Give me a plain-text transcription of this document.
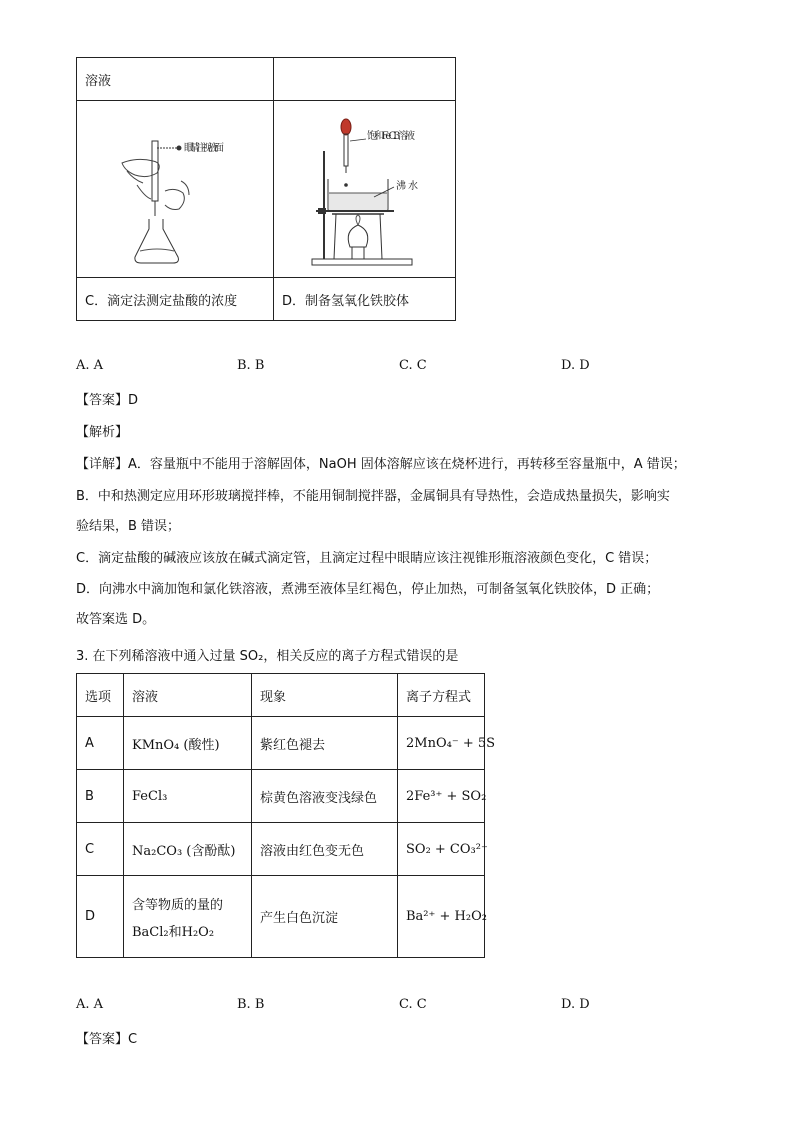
溶液	

眼睛注视液面	饱和FeCl3溶液
沸水

C．滴定法测定盐酸的浓度	D．制备氢氧化铁胶体
A. A	B. B	C. C	D. D
【答案】D
【解析】
【详解】A．容量瓶中不能用于溶解固体，NaOH 固体溶解应该在烧杯进行，再转移至容量瓶中，A 错误；
B．中和热测定应用环形玻璃搅拌棒，不能用铜制搅拌器，金属铜具有导热性，会造成热量损失，影响实
验结果，B 错误；
C．滴定盐酸的碱液应该放在碱式滴定管，且滴定过程中眼睛应该注视锥形瓶溶液颜色变化，C 错误；
D．向沸水中滴加饱和氯化铁溶液，煮沸至液体呈红褐色，停止加热，可制备氢氧化铁胶体，D 正确；
故答案选 D。
3. 在下列稀溶液中通入过量 SO₂，相关反应的离子方程式错误的是
选项	溶液	现象	离子方程式
A	KMnO₄ (酸性)	紫红色褪去	2MnO₄⁻ + 5S
B	FeCl₃	棕黄色溶液变浅绿色	2Fe³⁺ + SO₂
C	Na₂CO₃ (含酚酞)	溶液由红色变无色	SO₂ + CO₃²⁻
D	含等物质的量的
BaCl₂和H₂O₂	产生白色沉淀	Ba²⁺ + H₂O₂
A. A	B. B	C. C	D. D
【答案】C
